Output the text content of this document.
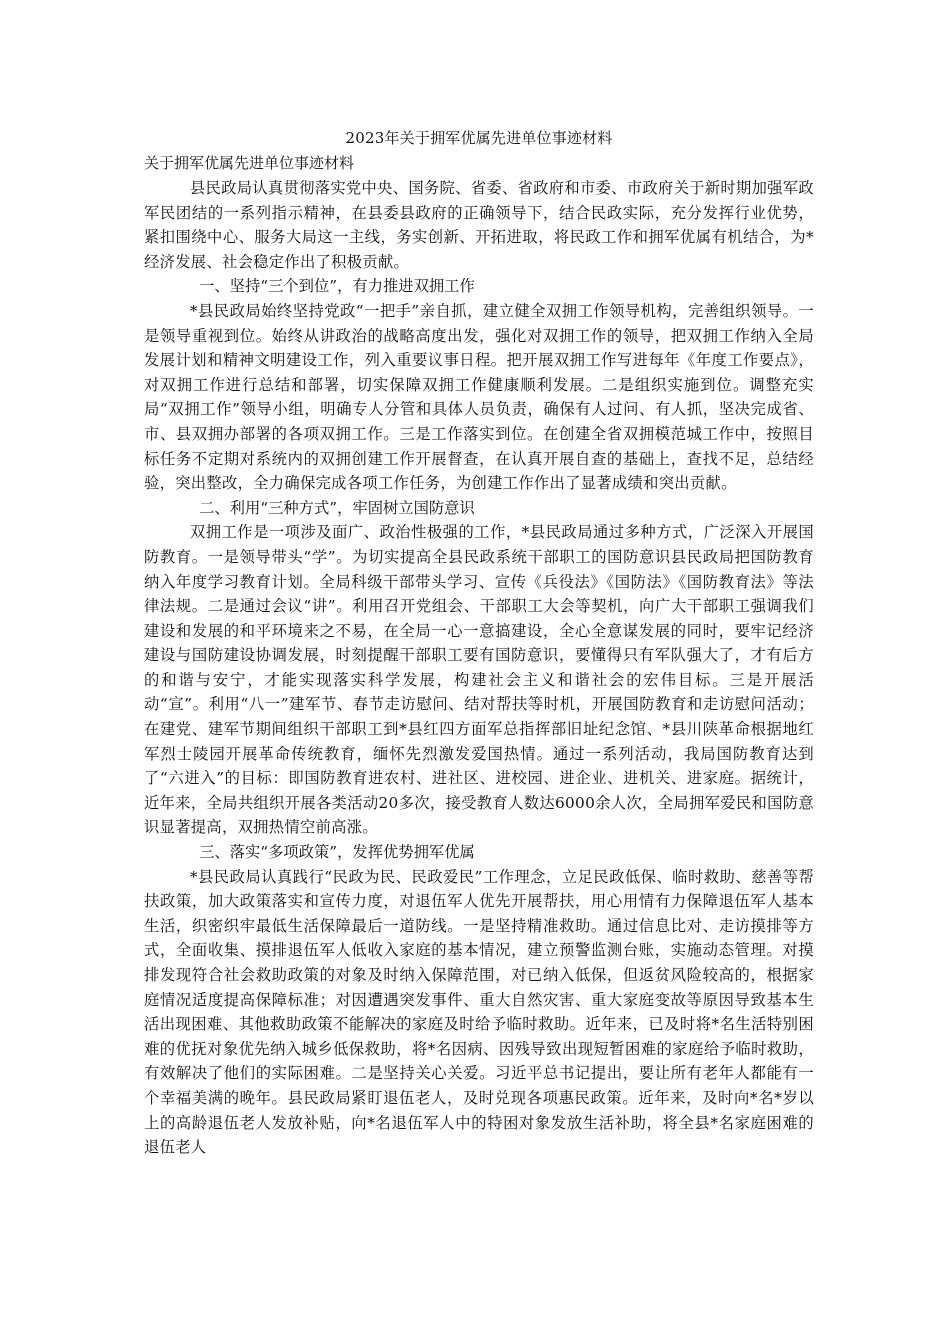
2023年关于拥军优属先进单位事迹材料

关于拥军优属先进单位事迹材料

县民政局认真贯彻落实党中央、国务院、省委、省政府和市委、市政府关于新时期加强军政军民团结的一系列指示精神，在县委县政府的正确领导下，结合民政实际，充分发挥行业优势，紧扣围绕中心、服务大局这一主线，务实创新、开拓进取，将民政工作和拥军优属有机结合，为*经济发展、社会稳定作出了积极贡献。

一、坚持“三个到位”，有力推进双拥工作

*县民政局始终坚持党政“一把手”亲自抓，建立健全双拥工作领导机构，完善组织领导。一是领导重视到位。始终从讲政治的战略高度出发，强化对双拥工作的领导，把双拥工作纳入全局发展计划和精神文明建设工作，列入重要议事日程。把开展双拥工作写进每年《年度工作要点》，对双拥工作进行总结和部署，切实保障双拥工作健康顺利发展。二是组织实施到位。调整充实局“双拥工作”领导小组，明确专人分管和具体人员负责，确保有人过问、有人抓，坚决完成省、市、县双拥办部署的各项双拥工作。三是工作落实到位。在创建全省双拥模范城工作中，按照目标任务不定期对系统内的双拥创建工作开展督查，在认真开展自查的基础上，查找不足，总结经验，突出整改，全力确保完成各项工作任务，为创建工作作出了显著成绩和突出贡献。

二、利用“三种方式”，牢固树立国防意识

双拥工作是一项涉及面广、政治性极强的工作，*县民政局通过多种方式，广泛深入开展国防教育。一是领导带头“学”。为切实提高全县民政系统干部职工的国防意识县民政局把国防教育纳入年度学习教育计划。全局科级干部带头学习、宣传《兵役法》《国防法》《国防教育法》等法律法规。二是通过会议“讲”。利用召开党组会、干部职工大会等契机，向广大干部职工强调我们建设和发展的和平环境来之不易，在全局一心一意搞建设，全心全意谋发展的同时，要牢记经济建设与国防建设协调发展，时刻提醒干部职工要有国防意识，要懂得只有军队强大了，才有后方的和谐与安宁，才能实现落实科学发展，构建社会主义和谐社会的宏伟目标。三是开展活动“宣”。利用“八一”建军节、春节走访慰问、结对帮扶等时机，开展国防教育和走访慰问活动；在建党、建军节期间组织干部职工到*县红四方面军总指挥部旧址纪念馆、*县川陕革命根据地红军烈士陵园开展革命传统教育，缅怀先烈激发爱国热情。通过一系列活动，我局国防教育达到了“六进入”的目标：即国防教育进农村、进社区、进校园、进企业、进机关、进家庭。据统计，近年来，全局共组织开展各类活动20多次，接受教育人数达6000余人次，全局拥军爱民和国防意识显著提高，双拥热情空前高涨。

三、落实“多项政策”，发挥优势拥军优属

*县民政局认真践行“民政为民、民政爱民”工作理念，立足民政低保、临时救助、慈善等帮扶政策，加大政策落实和宣传力度，对退伍军人优先开展帮扶，用心用情有力保障退伍军人基本生活，织密织牢最低生活保障最后一道防线。一是坚持精准救助。通过信息比对、走访摸排等方式，全面收集、摸排退伍军人低收入家庭的基本情况，建立预警监测台账，实施动态管理。对摸排发现符合社会救助政策的对象及时纳入保障范围，对已纳入低保，但返贫风险较高的，根据家庭情况适度提高保障标准；对因遭遇突发事件、重大自然灾害、重大家庭变故等原因导致基本生活出现困难、其他救助政策不能解决的家庭及时给予临时救助。近年来，已及时将*名生活特别困难的优抚对象优先纳入城乡低保救助，将*名因病、因残导致出现短暂困难的家庭给予临时救助，有效解决了他们的实际困难。二是坚持关心关爱。习近平总书记提出，要让所有老年人都能有一个幸福美满的晚年。县民政局紧盯退伍老人，及时兑现各项惠民政策。近年来，及时向*名*岁以上的高龄退伍老人发放补贴，向*名退伍军人中的特困对象发放生活补助，将全县*名家庭困难的退伍老人
